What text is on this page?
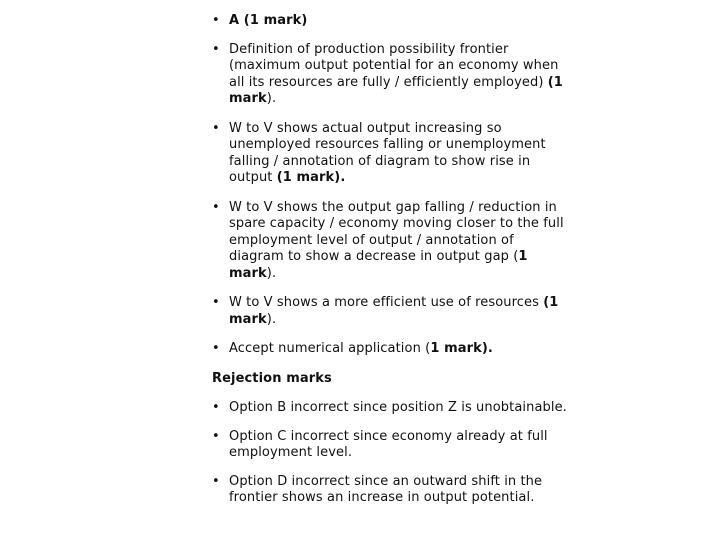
• A (1 mark)
• Definition of production possibility frontier (maximum output potential for an economy when all its resources are fully / efficiently employed) (1 mark).
• W to V shows actual output increasing so unemployed resources falling or unemployment falling / annotation of diagram to show rise in output (1 mark).
• W to V shows the output gap falling / reduction in spare capacity / economy moving closer to the full employment level of output / annotation of diagram to show a decrease in output gap (1 mark).
• W to V shows a more efficient use of resources (1 mark).
• Accept numerical application (1 mark).
Rejection marks
• Option B incorrect since position Z is unobtainable.
• Option C incorrect since economy already at full employment level.
• Option D incorrect since an outward shift in the frontier shows an increase in output potential.
